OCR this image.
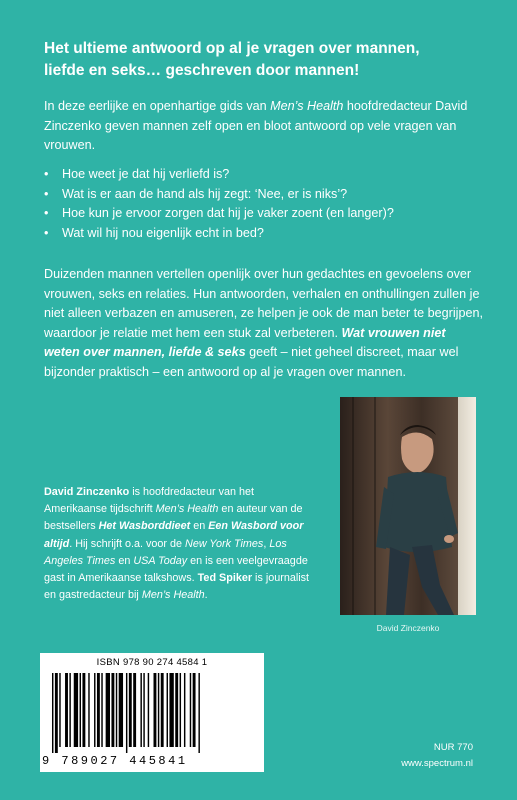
Het ultieme antwoord op al je vragen over mannen,
liefde en seks… geschreven door mannen!
In deze eerlijke en openhartige gids van Men’s Health hoofdredacteur David Zinczenko geven mannen zelf open en bloot antwoord op vele vragen van vrouwen.
• Hoe weet je dat hij verliefd is?
• Wat is er aan de hand als hij zegt: ‘Nee, er is niks’?
• Hoe kun je ervoor zorgen dat hij je vaker zoent (en langer)?
• Wat wil hij nou eigenlijk echt in bed?
Duizenden mannen vertellen openlijk over hun gedachtes en gevoelens over vrouwen, seks en relaties. Hun antwoorden, verhalen en onthullingen zullen je niet alleen verbazen en amuseren, ze helpen je ook de man beter te begrijpen, waardoor je relatie met hem een stuk zal verbeteren. Wat vrouwen niet weten over mannen, liefde & seks geeft – niet geheel discreet, maar wel bijzonder praktisch – een antwoord op al je vragen over mannen.
David Zinczenko is hoofdredacteur van het Amerikaanse tijdschrift Men’s Health en auteur van de bestsellers Het Wasborddieet en Een Wasbord voor altijd. Hij schrijft o.a. voor de New York Times, Los Angeles Times en USA Today en is een veelgevraagde gast in Amerikaanse talkshows. Ted Spiker is journalist en gastredacteur bij Men’s Health.
David Zinczenko
ISBN 978 90 274 4584 1
9 789027 445841
NUR 770
www.spectrum.nl
